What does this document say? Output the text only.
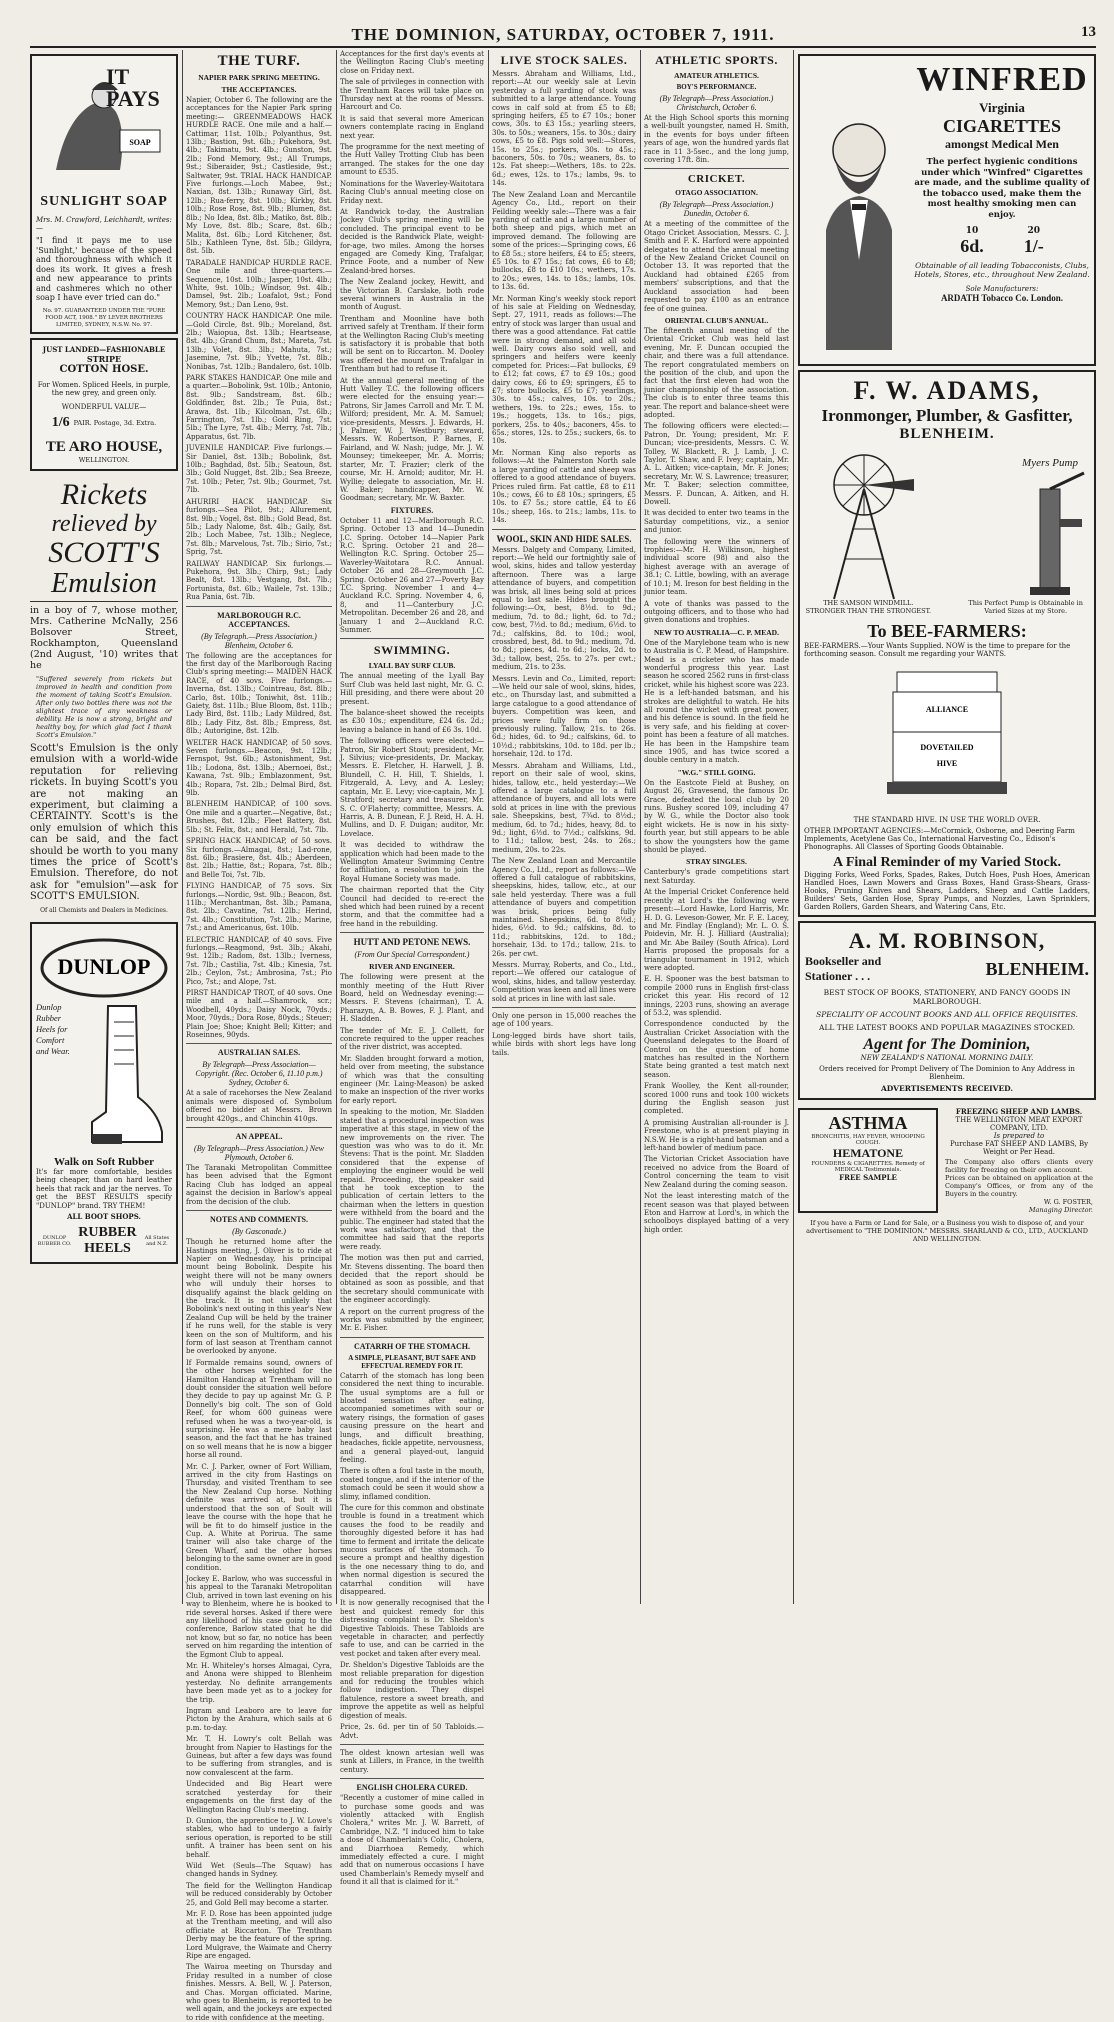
THE DOMINION, SATURDAY, OCTOBER 7, 1911.	13
SOAP
IT PAYS
SUNLIGHT SOAP
Mrs. M. Crawford, Leichhardt, writes:—
"I find it pays me to use 'Sunlight,' because of the speed and thoroughness with which it does its work. It gives a fresh and new appearance to prints and cashmeres which no other soap I have ever tried can do."
No. 97. GUARANTEED UNDER THE "PURE FOOD ACT, 1908." BY LEVER BROTHERS LIMITED, SYDNEY, N.S.W. No. 97.
JUST LANDED—FASHIONABLE
STRIPE
COTTON HOSE.
For Women. Spliced Heels, in purple, the new grey, and green only.
WONDERFUL VALUE—
1/6 PAIR. Postage, 3d. Extra.
TE ARO HOUSE,
WELLINGTON.
Rickets
relieved by
SCOTT'S
Emulsion
in a boy of 7, whose mother, Mrs. Catherine McNally, 256 Bolsover Street, Rockhampton, Queensland (2nd August, '10) writes that he
"Suffered severely from rickets but improved in health and condition from the moment of taking Scott's Emulsion. After only two bottles there was not the slightest trace of any weakness or debility. He is now a strong, bright and healthy boy, for which glad fact I thank Scott's Emulsion."
Scott's Emulsion is the only emulsion with a world-wide reputation for relieving rickets. In buying Scott's you are not making an experiment, but claiming a CERTAINTY. Scott's is the only emulsion of which this can be said, and the fact should be worth to you many times the price of Scott's Emulsion. Therefore, do not ask for "emulsion"—ask for SCOTT'S EMULSION.
Of all Chemists and Dealers in Medicines.
DUNLOP
Dunlop Rubber Heels for Comfort and Wear.
Walk on Soft Rubber
It's far more comfortable, besides being cheaper, than on hard leather heels that rack and jar the nerves. To get the BEST RESULTS specify "DUNLOP" brand. TRY THEM!
ALL BOOT SHOPS.
DUNLOP RUBBER CO.
RUBBER HEELS
All States and N.Z.
THE TURF.
NAPIER PARK SPRING MEETING.
THE ACCEPTANCES.

Napier, October 6. The following are the acceptances for the Napier Park spring meeting:— GREENMEADOWS HACK HURDLE RACE. One mile and a half.—Cattimar, 11st. 10lb.; Polyanthus, 9st. 13lb.; Bastion, 9st. 6lb.; Pukehora, 9st. 4lb.; Takimatu, 9st. 4lb.; Gunston, 9st. 2lb.; Fond Memory, 9st.; All Trumps, 9st.; Siberaider, 9st.; Castleside, 9st.; Saltwater, 9st. TRIAL HACK HANDICAP. Five furlongs.—Loch Mabee, 9st.; Naxian, 8st. 13lb.; Runaway Girl, 8st. 12lb.; Rua-ferry, 8st. 10lb.; Kirkby, 8st. 10lb.; Rose Rose, 8st. 9lb.; Blumen, 8st. 8lb.; No Idea, 8st. 8lb.; Matiko, 8st. 8lb.; My Love, 8st. 8lb.; Scare, 8st. 6lb.; Malita, 8st. 6lb.; Lord Kitchener, 8st. 5lb.; Kathleen Tyne, 8st. 5lb.; Gildyra, 8st. 5lb.

TARADALE HANDICAP HURDLE RACE. One mile and three-quarters.—Sequence, 10st. 10lb.; Jasper, 10st. 4lb.; White, 9st. 10lb.; Windsor, 9st. 4lb.; Damsel, 9st. 2lb.; Loafalot, 9st.; Fond Memory, 9st.; Dan Leno, 9st.

COUNTRY HACK HANDICAP. One mile.—Gold Circle, 8st. 9lb.; Moreland, 8st. 2lb.; Waiopua, 8st. 13lb.; Heartsease, 8st. 4lb.; Grand Chum, 8st.; Mareta, 7st. 13lb.; Volet, 8st. 3lb.; Mahuta, 7st.; Jasemine, 7st. 9lb.; Yvette, 7st. 8lb.; Nonibas, 7st. 12lb.; Bandalero, 6st. 10lb.

PARK STAKES HANDICAP. One mile and a quarter.—Bobolink, 9st. 10lb.; Antonio, 8st. 9lb.; Sandstream, 8st. 6lb.; Goldfinder, 8st. 2lb.; Te Puia, 8st.; Arawa, 8st. 1lb.; Kilcolman, 7st. 6lb.; Farrington, 7st. 1lb.; Gold Ring, 7st. 5lb.; The Lyre, 7st. 4lb.; Merry, 7st. 7lb.; Apparatus, 6st. 7lb.

JUVENILE HANDICAP. Five furlongs.—Sir Daniel, 8st. 13lb.; Bobolink, 8st. 10lb.; Baghdad, 8st. 5lb.; Seatoun, 8st. 3lb.; Gold Nugget, 8st. 2lb.; Sea Breeze, 7st. 10lb.; Peter, 7st. 9lb.; Gourmet, 7st. 7lb.

AHURIRI HACK HANDICAP. Six furlongs.—Sea Pilot, 9st.; Allurement, 8st. 9lb.; Vogel, 8st. 8lb.; Gold Bead, 8st. 5lb.; Lady Nalome, 8st. 4lb.; Gaily, 8st. 2lb.; Loch Mabee, 7st. 13lb.; Neglece, 7st. 8lb.; Marvelous, 7st. 7lb.; Sirio, 7st.; Sprig, 7st.

RAILWAY HANDICAP. Six furlongs.—Pukehora, 9st. 3lb.; Chirp, 9st.; Lady Bealt, 8st. 13lb.; Vestgang, 8st. 7lb.; Fortunista, 8st. 6lb.; Wailele, 7st. 13lb.; Rua Pania, 6st. 7lb.

MARLBOROUGH R.C. ACCEPTANCES.
(By Telegraph.—Press Association.) Blenheim, October 6.

The following are the acceptances for the first day of the Marlborough Racing Club's spring meeting:— MAIDEN HACK RACE, of 40 sovs. Five furlongs.—Inverna, 8st. 13lb.; Cointreau, 8st. 8lb.; Carlo, 8st. 10lb.; Toniwhit, 8st. 11lb.; Gaiety, 8st. 11lb.; Blue Bloom, 8st. 11lb.; Lady Bird, 8st. 11lb.; Lady Mildred, 8st. 8lb.; Lady Fitz, 8st. 8lb.; Empress, 8st. 8lb.; Autorigine, 8st. 12lb.

WELTER HACK HANDICAP, of 50 sovs. Seven furlongs.—Beacon, 9st. 12lb.; Fernspot, 9st. 6lb.; Astonishment, 9st. 1lb.; Lodona, 8st. 13lb.; Abernoei, 8st.; Kawana, 7st. 9lb.; Emblazonment, 9st. 4lb.; Ropara, 7st. 2lb.; Delmal Bird, 8st. 9lb.

BLENHEIM HANDICAP, of 100 sovs. One mile and a quarter.—Negative, 8st.; Brushes, 8st. 12lb.; Fleet Battery, 8st. 5lb.; St. Felix, 8st.; and Herald, 7st. 7lb.

SPRING HACK HANDICAP, of 50 sovs. Six furlongs.—Almagai, 8st.; Lad-rone, 8st. 6lb.; Brasiere, 8st. 4lb.; Aberdeen, 8st. 2lb.; Hattie, 8st.; Ropara, 7st. 8lb.; and Belle Toi, 7st. 7lb.

FLYING HANDICAP, of 75 sovs. Six furlongs.—Nordic, 9st. 9lb.; Beacon, 8st. 11lb.; Merchantman, 8st. 3lb.; Pamana, 8st. 2lb.; Cavatine, 7st. 12lb.; Herind, 7st. 4lb.; Constitution, 7st. 2lb.; Marine, 7st.; and Americanus, 6st. 10lb.

ELECTRIC HANDICAP, of 40 sovs. Five furlongs.—Reagmond, 9st. 3lb.; Akahi, 9st. 12lb.; Radom, 8st. 13lb.; Iverness, 7st. 7lb.; Castilia, 7st. 4lb.; Kinesia, 7st. 2lb.; Ceylon, 7st.; Ambrosina, 7st.; Pio Pico, 7st.; and Alope, 7st.

PIRST HANDICAP TROT, of 40 sovs. One mile and a half.—Shamrock, scr.; Woodbell, 40yds.; Daisy Nock, 70yds.; Moor, 70yds.; Dora Rose, 80yds.; Steuer; Plain Joe; Shoe; Knight Bell; Kitter; and Roseinnes, 90yds.

AUSTRALIAN SALES.
By Telegraph—Press Association—Copyright. (Rec. October 6, 11.10 p.m.) Sydney, October 6.

At a sale of racehorses the New Zealand animals were disposed of. Symbolum offered no bidder at Messrs. Brown brought 420gs., and Chinchin 410gs.

AN APPEAL.
(By Telegraph—Press Association.) New Plymouth, October 6.

The Taranaki Metropolitan Committee has been advised that the Egmont Racing Club has lodged an appeal against the decision in Barlow's appeal from the decision of the club.

NOTES AND COMMENTS.
(By Gasconade.)

Though he returned home after the Hastings meeting, J. Oliver is to ride at Napier on Wednesday, his principal mount being Bobolink. Despite his weight there will not be many owners who will unduly their horses to disqualify against the black gelding on the track. It is not unlikely that Bobolink's next outing in this year's New Zealand Cup will be held by the trainer if he runs well, for the stable is very keen on the son of Multiform, and his form of last season at Trentham cannot be overlooked by anyone.

If Formalde remains sound, owners of the other horses weighted for the Hamilton Handicap at Trentham will no doubt consider the situation well before they decide to pay up against Mr. G. P. Donnelly's big colt. The son of Gold Reef, for whom 600 guineas were refused when he was a two-year-old, is surprising. He was a mere baby last season, and the fact that he has trained on so well means that he is now a bigger horse all round.

Mr. C. J. Parker, owner of Fort William, arrived in the city from Hastings on Thursday, and visited Trentham to see the New Zealand Cup horse. Nothing definite was arrived at, but it is understood that the son of Soult will leave the course with the hope that he will be fit to do himself justice in the Cup. A. White at Porirua. The same trainer will also take charge of the Green Wharf, and the other horses belonging to the same owner are in good condition.

Jockey E. Barlow, who was successful in his appeal to the Taranaki Metropolitan Club, arrived in town last evening on his way to Blenheim, where he is booked to ride several horses. Asked if there were any likelihood of his case going to the conference, Barlow stated that he did not know, but so far, no notice has been served on him regarding the intention of the Egmont Club to appeal.

Mr. H. Whiteley's horses Almagai, Cyra, and Anona were shipped to Blenheim yesterday. No definite arrangements have been made yet as to a jockey for the trip.

Ingram and Leaboro are to leave for Picton by the Arahura, which sails at 6 p.m. to-day.

Mr. T. H. Lowry's colt Bellah was brought from Napier to Hastings for the Guineas, but after a few days was found to be suffering from strangles, and is now convalescent at the farm.

Undecided and Big Heart were scratched yesterday for their engagements on the first day of the Wellington Racing Club's meeting.

D. Gunion, the apprentice to J. W. Lowe's stables, who had to undergo a fairly serious operation, is reported to be still unfit. A trainer has been sent on his behalf.

Wild Wet (Seuls—The Squaw) has changed hands in Sydney.

The field for the Wellington Handicap will be reduced considerably by October 25, and Gold Bell may become a starter.

Mr. F. D. Rose has been appointed judge at the Trentham meeting, and will also officiate at Riccarton. The Trentham Derby may be the feature of the spring. Lord Mulgrave, the Waimate and Cherry Ripe are engaged.

The Wairoa meeting on Thursday and Friday resulted in a number of close finishes. Messrs. A. Bell, W. J. Paterson, and Chas. Morgan officiated. Marine, who goes to Blenheim, is reported to be well again, and the jockeys are expected to ride with confidence at the meeting.

Acceptances for the first day's events at the Wellington Racing Club's meeting close on Friday next.

The sale of privileges in connection with the Trentham Races will take place on Thursday next at the rooms of Messrs. Harcourt and Co.

It is said that several more American owners contemplate racing in England next year.

The programme for the next meeting of the Hutt Valley Trotting Club has been arranged. The stakes for the one day amount to £535.

Nominations for the Waverley-Waitotara Racing Club's annual meeting close on Friday next.

At Randwick to-day, the Australian Jockey Club's spring meeting will be concluded. The principal event to be decided is the Randwick Plate, weight-for-age, two miles. Among the horses engaged are Comedy King, Trafalgar, Prince Foote, and a number of New Zealand-bred horses.

The New Zealand jockey, Hewitt, and the Victorian B. Carslake, both rode several winners in Australia in the month of August.

Trentham and Moonline have both arrived safely at Trentham. If their form at the Wellington Racing Club's meeting is satisfactory it is probable that both will be sent on to Riccarton. M. Dooley was offered the mount on Trafalgar in Trentham but had to refuse it.

At the annual general meeting of the Hutt Valley T.C. the following officers were elected for the ensuing year:—Patrons, Sir James Carroll and Mr. T. M. Wilford; president, Mr. A. M. Samuel; vice-presidents, Messrs. J. Edwards, H. J. Palmer, W. J. Westbury; steward, Messrs. W. Robertson, P. Barnes, F. Fairland, and W. Nash; judge, Mr. J. W. Mounsey; timekeeper, Mr. A. Morris; starter, Mr. T. Frazier; clerk of the course, Mr. H. Arnold; auditor, Mr. H. Wyllie; delegate to association, Mr. H. W. Baker; handicapper, Mr. W. Goodman; secretary, Mr. W. Baxter.

FIXTURES.

October 11 and 12—Marlborough R.C. Spring. October 13 and 14—Dunedin J.C. Spring. October 14—Napier Park R.C. Spring. October 21 and 28—Wellington R.C. Spring. October 25—Waverley-Waitotara R.C. Annual. October 26 and 28—Greymouth J.C. Spring. October 26 and 27—Poverty Bay T.C. Spring. November 1 and 4—Auckland R.C. Spring. November 4, 6, 8, and 11—Canterbury J.C. Metropolitan. December 26 and 28, and January 1 and 2—Auckland R.C. Summer.

SWIMMING.
LYALL BAY SURF CLUB.

The annual meeting of the Lyall Bay Surf Club was held last night, Mr. G. C. Hill presiding, and there were about 20 present.

The balance-sheet showed the receipts as £30 10s.; expenditure, £24 6s. 2d.; leaving a balance in hand of £6 3s. 10d.

The following officers were elected:—Patron, Sir Robert Stout; president, Mr. J. Silvius; vice-presidents, Dr. Mackay, Messrs. E. Fletcher, H. Harwell, J. B. Blundell, C. H. Hill, T. Shields, I. Fitzgerald, A. Levy, and A. Lesley; captain, Mr. E. Levy; vice-captain, Mr. J. Stratford; secretary and treasurer, Mr. S. C. O'Flaherty; committee, Messrs. A. Harris, A. B. Dunean, F. J. Reid, H. A. H. Mullins, and D. F. Duigan; auditor, Mr. Lovelace.

It was decided to withdraw the application which had been made to the Wellington Amateur Swimming Centre for affiliation, a resolution to join the Royal Humane Society was made.

The chairman reported that the City Council had decided to re-erect the shed which had been ruined by a recent storm, and that the committee had a free hand in the rebuilding.

HUTT AND PETONE NEWS.
(From Our Special Correspondent.)
RIVER AND ENGINEER.

The following were present at the monthly meeting of the Hutt River Board, held on Wednesday evening:—Messrs. F. Stevens (chairman), T. A. Pharazyn, A. B. Bowes, F. J. Plant, and H. Sladden.

The tender of Mr. E. J. Collett, for concrete required to the upper reaches of the river district, was accepted.

Mr. Sladden brought forward a motion, held over from meeting, the substance of which was that the consulting engineer (Mr. Laing-Meason) be asked to make an inspection of the river works for early report.

In speaking to the motion, Mr. Sladden stated that a procedural inspection was imperative at this stage, in view of the new improvements on the river. The question was who was to do it. Mr. Stevens: That is the point. Mr. Sladden considered that the expense of employing the engineer would be well repaid. Proceeding, the speaker said that he took exception to the publication of certain letters to the chairman when the letters in question were withheld from the board and the public. The engineer had stated that the work was satisfactory, and that the committee had said that the reports were ready.

The motion was then put and carried, Mr. Stevens dissenting. The board then decided that the report should be obtained as soon as possible, and that the secretary should communicate with the engineer accordingly.

A report on the current progress of the works was submitted by the engineer, Mr. E. Fisher.

CATARRH OF THE STOMACH.
A SIMPLE, PLEASANT, BUT SAFE AND EFFECTUAL REMEDY FOR IT.

Catarrh of the stomach has long been considered the next thing to incurable. The usual symptoms are a full or bloated sensation after eating, accompanied sometimes with sour or watery risings, the formation of gases causing pressure on the heart and lungs, and difficult breathing, headaches, fickle appetite, nervousness, and a general played-out, languid feeling.

There is often a foul taste in the mouth, coated tongue, and if the interior of the stomach could be seen it would show a slimy, inflamed condition.

The cure for this common and obstinate trouble is found in a treatment which causes the food to be readily and thoroughly digested before it has had time to ferment and irritate the delicate mucous surfaces of the stomach. To secure a prompt and healthy digestion is the one necessary thing to do, and when normal digestion is secured the catarrhal condition will have disappeared.

It is now generally recognised that the best and quickest remedy for this distressing complaint is Dr. Sheldon's Digestive Tabloids. These Tabloids are vegetable in character, and perfectly safe to use, and can be carried in the vest pocket and taken after every meal.

Dr. Sheldon's Digestive Tabloids are the most reliable preparation for digestion and for reducing the troubles which follow indigestion. They dispel flatulence, restore a sweet breath, and improve the appetite as well as helpful digestion of meals.

Price, 2s. 6d. per tin of 50 Tabloids.—Advt.

The oldest known artesian well was sunk at Lillers, in France, in the twelfth century.

ENGLISH CHOLERA CURED.

"Recently a customer of mine called in to purchase some goods and was violently attacked with English Cholera," writes Mr. J. W. Barrett, of Cambridge, N.Z. "I induced him to take a dose of Chamberlain's Colic, Cholera, and Diarrhoea Remedy, which immediately effected a cure. I might add that on numerous occasions I have used Chamberlain's Remedy myself and found it all that is claimed for it."

LIVE STOCK SALES.

Messrs. Abraham and Williams, Ltd., report:—At our weekly sale at Levin yesterday a full yarding of stock was submitted to a large attendance. Young cows in calf sold at from £5 to £8; springing heifers, £5 to £7 10s.; boner cows, 30s. to £3 15s.; yearling steers, 30s. to 50s.; weaners, 15s. to 30s.; dairy cows, £5 to £8. Pigs sold well:—Stores, 15s. to 25s.; porkers, 30s. to 45s.; baconers, 50s. to 70s.; weaners, 8s. to 12s. Fat sheep:—Wethers, 18s. to 22s. 6d.; ewes, 12s. to 17s.; lambs, 9s. to 14s.

The New Zealand Loan and Mercantile Agency Co., Ltd., report on their Feilding weekly sale:—There was a fair yarding of cattle and a large number of both sheep and pigs, which met an improved demand. The following are some of the prices:—Springing cows, £6 to £8 5s.; store heifers, £4 to £5; steers, £5 10s. to £7 15s.; fat cows, £6 to £8; bullocks, £8 to £10 10s.; wethers, 17s. to 20s.; ewes, 14s. to 18s.; lambs, 10s. to 13s. 6d.

Mr. Norman King's weekly stock report of his sale at Fielding on Wednesday, Sept. 27, 1911, reads as follows:—The entry of stock was larger than usual and there was a good attendance. Fat cattle were in strong demand, and all sold well. Dairy cows also sold well, and springers and heifers were keenly competed for. Prices:—Fat bullocks, £9 to £12; fat cows, £7 to £9 10s.; good dairy cows, £6 to £9; springers, £5 to £7; store bullocks, £5 to £7; yearlings, 30s. to 45s.; calves, 10s. to 20s.; wethers, 19s. to 22s.; ewes, 15s. to 19s.; hoggets, 13s. to 16s.; pigs, porkers, 25s. to 40s.; baconers, 45s. to 65s.; stores, 12s. to 25s.; suckers, 6s. to 10s.

Mr. Norman King also reports as follows:—At the Palmerston North sale a large yarding of cattle and sheep was offered to a good attendance of buyers. Prices ruled firm. Fat cattle, £8 to £11 10s.; cows, £6 to £8 10s.; springers, £5 10s. to £7 5s.; store cattle, £4 to £6 10s.; sheep, 16s. to 21s.; lambs, 11s. to 14s.

WOOL, SKIN AND HIDE SALES.

Messrs. Dalgety and Company, Limited, report:—We held our fortnightly sale of wool, skins, hides and tallow yesterday afternoon. There was a large attendance of buyers, and competition was brisk, all lines being sold at prices equal to last sale. Hides brought the following:—Ox, best, 8½d. to 9d.; medium, 7d. to 8d.; light, 6d. to 7d.; cow, best, 7½d. to 8d.; medium, 6½d. to 7d.; calfskins, 8d. to 10d.; wool, crossbred, best, 8d. to 9d.; medium, 7d. to 8d.; pieces, 4d. to 6d.; locks, 2d. to 3d.; tallow, best, 25s. to 27s. per cwt.; medium, 21s. to 23s.

Messrs. Levin and Co., Limited, report:—We held our sale of wool, skins, hides, etc., on Thursday last, and submitted a large catalogue to a good attendance of buyers. Competition was keen, and prices were fully firm on those previously ruling. Tallow, 21s. to 26s. 6d.; hides, 6d. to 9d.; calfskins, 6d. to 10½d.; rabbitskins, 10d. to 18d. per lb.; horsehair, 12d. to 17d.

Messrs. Abraham and Williams, Ltd., report on their sale of wool, skins, hides, tallow, etc., held yesterday:—We offered a large catalogue to a full attendance of buyers, and all lots were sold at prices in line with the previous sale. Sheepskins, best, 7¾d. to 8½d.; medium, 6d. to 7d.; hides, heavy, 8d. to 9d.; light, 6½d. to 7½d.; calfskins, 9d. to 11d.; tallow, best, 24s. to 26s.; medium, 20s. to 22s.

The New Zealand Loan and Mercantile Agency Co., Ltd., report as follows:—We offered a full catalogue of rabbitskins, sheepskins, hides, tallow, etc., at our sale held yesterday. There was a full attendance of buyers and competition was brisk, prices being fully maintained. Sheepskins, 6d. to 8½d.; hides, 6½d. to 9d.; calfskins, 8d. to 11d.; rabbitskins, 12d. to 18d.; horsehair, 13d. to 17d.; tallow, 21s. to 26s. per cwt.

Messrs. Murray, Roberts, and Co., Ltd., report:—We offered our catalogue of wool, skins, hides, and tallow yesterday. Competition was keen and all lines were sold at prices in line with last sale.

Only one person in 15,000 reaches the age of 100 years.

Long-legged birds have short tails, while birds with short legs have long tails.

ATHLETIC SPORTS.
AMATEUR ATHLETICS.
BOY'S PERFORMANCE.
(By Telegraph—Press Association.) Christchurch, October 6.

At the High School sports this morning a well-built youngster, named H. Smith, in the events for boys under fifteen years of age, won the hundred yards flat race in 11 3-5sec., and the long jump, covering 17ft. 8in.

CRICKET.
OTAGO ASSOCIATION.
(By Telegraph—Press Association.) Dunedin, October 6.

At a meeting of the committee of the Otago Cricket Association, Messrs. C. J. Smith and F. K. Harford were appointed delegates to attend the annual meeting of the New Zealand Cricket Council on October 13. It was reported that the Auckland had obtained £265 from members' subscriptions, and that the Auckland association had been requested to pay £100 as an entrance fee of one guinea.

ORIENTAL CLUB'S ANNUAL.

The fifteenth annual meeting of the Oriental Cricket Club was held last evening, Mr. F. Duncan occupied the chair, and there was a full attendance. The report congratulated members on the position of the club, and upon the fact that the first eleven had won the junior championship of the association. The club is to enter three teams this year. The report and balance-sheet were adopted.

The following officers were elected:—Patron, Dr. Young; president, Mr. F. Duncan; vice-presidents, Messrs. C. W. Tolley, W. Blackett, R. J. Lamb, J. C. Taylor, T. Shaw, and F. Ivey; captain, Mr. A. L. Aitken; vice-captain, Mr. F. Jones; secretary, Mr. W. S. Lawrence; treasurer, Mr. T. Baker; selection committee, Messrs. F. Duncan, A. Aitken, and H. Dowell.

It was decided to enter two teams in the Saturday competitions, viz., a senior and junior.

The following were the winners of trophies:—Mr. H. Wilkinson, highest individual score (98) and also the highest average with an average of 38.1; C. Little, bowling, with an average of 10.1; M. Ireson for best fielding in the junior team.

A vote of thanks was passed to the outgoing officers, and to those who had given donations and trophies.

NEW TO AUSTRALIA—C. P. MEAD.

One of the Marylebone team who is new to Australia is C. P. Mead, of Hampshire. Mead is a cricketer who has made wonderful progress this year. Last season he scored 2562 runs in first-class cricket, while his highest score was 223. He is a left-handed batsman, and his strokes are delightful to watch. He hits all round the wicket with great power, and his defence is sound. In the field he is very safe, and his fielding at cover-point has been a feature of all matches. He has been in the Hampshire team since 1905, and has twice scored a double century in a match.

"W.G." STILL GOING.

On the Eastcote Field at Bushey, on August 26, Gravesend, the famous Dr. Grace, defeated the local club by 20 runs. Bushey scored 109, including 47 by W. G., while the Doctor also took eight wickets. He is now in his sixty-fourth year, but still appears to be able to show the youngsters how the game should be played.

STRAY SINGLES.

Canterbury's grade competitions start next Saturday.

At the Imperial Cricket Conference held recently at Lord's the following were present:—Lord Hawke, Lord Harris, Mr. H. D. G. Leveson-Gower, Mr. F. E. Lacey, and Mr. Findlay (England); Mr. L. O. S. Poidevin, Mr. H. J. Hilliard (Australia); and Mr. Abe Bailey (South Africa). Lord Harris proposed the proposals for a triangular tournament in 1912, which were adopted.

E. H. Spooner was the best batsman to compile 2000 runs in English first-class cricket this year. His record of 12 innings, 2203 runs, showing an average of 53.2, was splendid.

Correspondence conducted by the Australian Cricket Association with the Queensland delegates to the Board of Control on the question of home matches has resulted in the Northern State being granted a test match next season.

Frank Woolley, the Kent all-rounder, scored 1000 runs and took 100 wickets during the English season just completed.

A promising Australian all-rounder is J. Freestone, who is at present playing in N.S.W. He is a right-hand batsman and a left-hand bowler of medium pace.

The Victorian Cricket Association have received no advice from the Board of Control concerning the team to visit New Zealand during the coming season.

Not the least interesting match of the recent season was that played between Eton and Harrow at Lord's, in which the schoolboys displayed batting of a very high order.

WINFRED
Virginia
CIGARETTES
amongst Medical Men
The perfect hygienic conditions under which "Winfred" Cigarettes are made, and the sublime quality of the tobacco used, make them the most healthy smoking men can enjoy.
10
6d.
20
1/-
Obtainable of all leading Tobacconists, Clubs, Hotels, Stores, etc., throughout New Zealand.
Sole Manufacturers:
ARDATH Tobacco Co. London.
F. W. ADAMS,
Ironmonger, Plumber, & Gasfitter,
BLENHEIM.
Myers Pump
THE SAMSON WINDMILL. STRONGER THAN THE STRONGEST.
This Perfect Pump is Obtainable in Varied Sizes at my Store.
To BEE-FARMERS:
BEE-FARMERS.—Your Wants Supplied. NOW is the time to prepare for the forthcoming season. Consult me regarding your WANTS.
ALLIANCE
DOVETAILED
HIVE
THE STANDARD HIVE. IN USE THE WORLD OVER.
OTHER IMPORTANT AGENCIES:—McCormick, Osborne, and Deering Farm Implements, Acetylene Gas Co., International Harvesting Co., Edison's Phonographs. All Classes of Sporting Goods Obtainable.
A Final Reminder of my Varied Stock.
Digging Forks, Weed Forks, Spades, Rakes, Dutch Hoes, Push Hoes, American Handled Hoes, Lawn Mowers and Grass Boxes, Hand Grass-Shears, Grass-Hooks, Pruning Knives and Shears, Ladders, Sheep and Cattle Ladders, Builders' Sets, Garden Hose, Spray Pumps, and Nozzles, Lawn Sprinklers, Garden Rollers, Garden Shears, and Watering Cans, Etc.
A. M. ROBINSON,
Bookseller and
Stationer . . .	BLENHEIM.
BEST STOCK OF BOOKS, STATIONERY, AND FANCY GOODS IN MARLBOROUGH.
SPECIALITY OF ACCOUNT BOOKS AND ALL OFFICE REQUISITES.
ALL THE LATEST BOOKS AND POPULAR MAGAZINES STOCKED.
Agent for The Dominion,
NEW ZEALAND'S NATIONAL MORNING DAILY.
Orders received for Prompt Delivery of The Dominion to Any Address in Blenheim.
ADVERTISEMENTS RECEIVED.
ASTHMA
BRONCHITIS, HAY FEVER, WHOOPING COUGH.
HEMATONE
FOUNDERS & CIGARETTES. Remedy of MEDICAL Testimonials.
FREE SAMPLE
FREEZING SHEEP AND LAMBS.
THE WELLINGTON MEAT EXPORT COMPANY, LTD.
Is prepared to
Purchase FAT SHEEP AND LAMBS, By Weight or Per Head.
The Company also offers clients every facility for freezing on their own account.
Prices can be obtained on application at the Company's Offices, or from any of the Buyers in the country.
W. G. FOSTER,
Managing Director.
If you have a Farm or Land for Sale, or a Business you wish to dispose of, and your advertisement to "THE DOMINION." MESSRS. SHARLAND & CO., LTD., AUCKLAND AND WELLINGTON.
